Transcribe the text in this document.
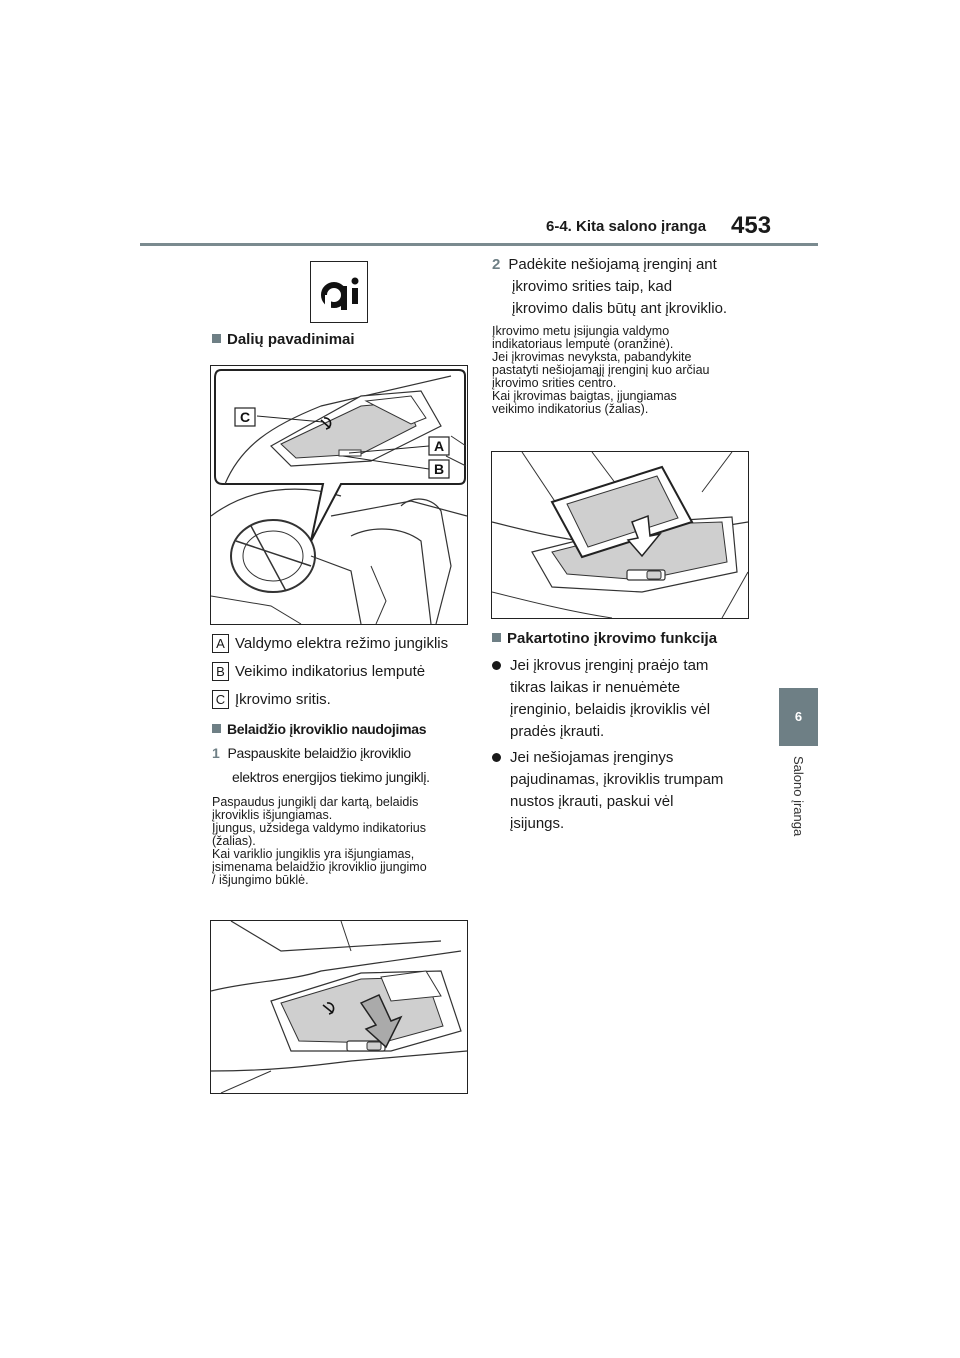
6-4. Kita salono įranga 453
6
Salono įranga
Dalių pavadinimai
C
A
B
A Valdymo elektra režimo jungiklis
B Veikimo indikatorius lemputė
C Įkrovimo sritis.
Belaidžio įkroviklio naudojimas
1 Paspauskite belaidžio įkroviklio
elektros energijos tiekimo jungiklį.
Paspaudus jungiklį dar kartą, belaidis
įkroviklis išjungiamas.
Įjungus, užsidega valdymo indikatorius
(žalias).
Kai variklio jungiklis yra išjungiamas,
įsimenama belaidžio įkroviklio įjungimo
/ išjungimo būklė.
2 Padėkite nešiojamą įrenginį ant
įkrovimo srities taip, kad
įkrovimo dalis būtų ant įkroviklio.
Įkrovimo metu įsijungia valdymo
indikatoriaus lemputė (oranžinė).
Jei įkrovimas nevyksta, pabandykite
pastatyti nešiojamąjį įrenginį kuo arčiau
įkrovimo srities centro.
Kai įkrovimas baigtas, įjungiamas
veikimo indikatorius (žalias).
Pakartotino įkrovimo funkcija
Jei įkrovus įrenginį praėjo tam
tikras laikas ir nenuėmėte
įrenginio, belaidis įkroviklis vėl
pradės įkrauti.
Jei nešiojamas įrenginys
pajudinamas, įkroviklis trumpam
nustos įkrauti, paskui vėl
įsijungs.
